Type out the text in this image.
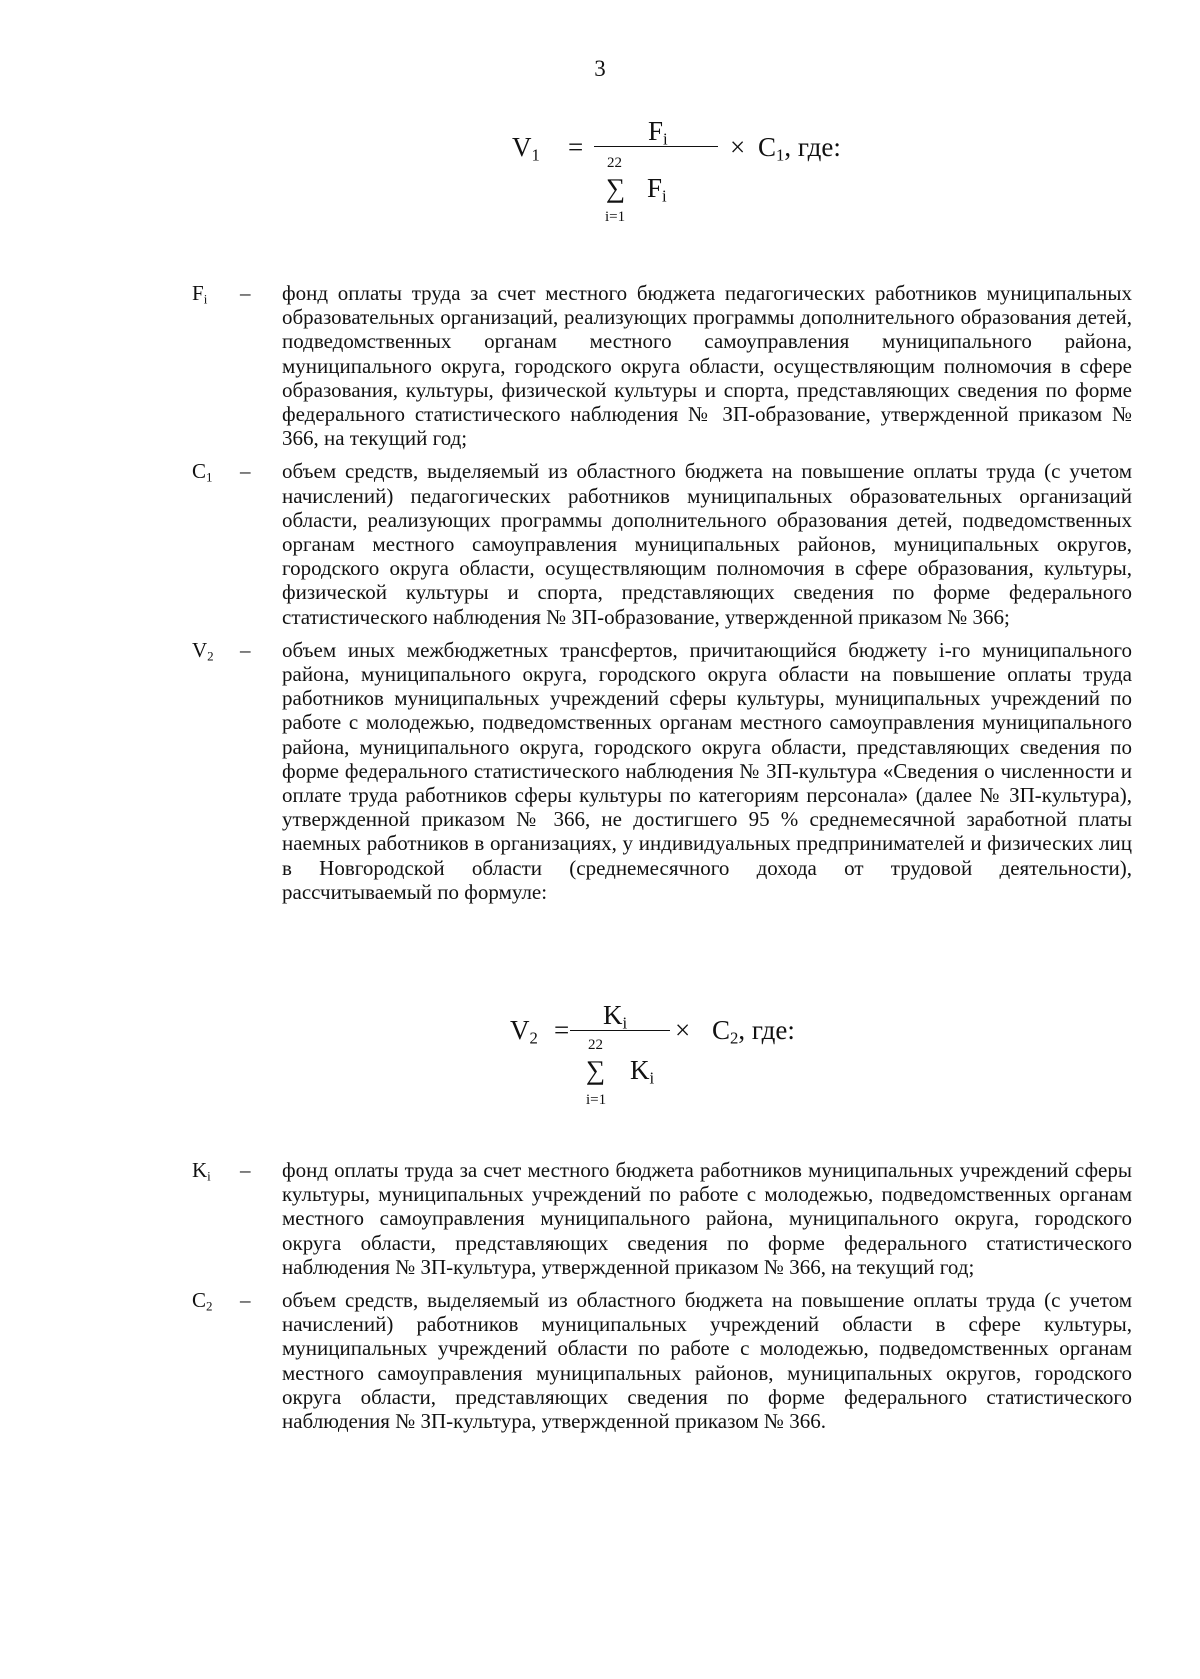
3
$V_1$ =
$F_i \times C_1$, где:
22
∑ $F_i$
i=1
$F_i$	–	фонд оплаты труда за счет местного бюджета педагогических работников муниципальных образовательных организаций, реализующих программы дополнительного образования детей, подведомственных органам местного самоуправления муниципального района, муниципального округа, городского округа области, осуществляющим полномочия в сфере образования, культуры, физической культуры и спорта, представляющих сведения по форме федерального статистического наблюдения № ЗП-образование, утвержденной приказом № 366, на текущий год;
$C_1$	–	объем средств, выделяемый из областного бюджета на повышение оплаты труда (с учетом начислений) педагогических работников муниципальных образовательных организаций области, реализующих программы дополнительного образования детей, подведомственных органам местного самоуправления муниципальных районов, муниципальных округов, городского округа области, осуществляющим полномочия в сфере образования, культуры, физической культуры и спорта, представляющих сведения по форме федерального статистического наблюдения № ЗП-образование, утвержденной приказом № 366;
$V_2$	–	объем иных межбюджетных трансфертов, причитающийся бюджету i-го муниципального района, муниципального округа, городского округа области на повышение оплаты труда работников муниципальных учреждений сферы культуры, муниципальных учреждений по работе с молодежью, подведомственных органам местного самоуправления муниципального района, муниципального округа, городского округа области, представляющих сведения по форме федерального статистического наблюдения № ЗП-культура «Сведения о численности и оплате труда работников сферы культуры по категориям персонала» (далее № ЗП-культура), утвержденной приказом № 366, не достигшего 95 % среднемесячной заработной платы наемных работников в организациях, у индивидуальных предпринимателей и физических лиц в Новгородской области (среднемесячного дохода от трудовой деятельности), рассчитываемый по формуле:
$V_2 = K_i \times C_2$, где:
22
∑ $K_i$
i=1
$K_i$	–	фонд оплаты труда за счет местного бюджета работников муниципальных учреждений сферы культуры, муниципальных учреждений по работе с молодежью, подведомственных органам местного самоуправления муниципального района, муниципального округа, городского округа области, представляющих сведения по форме федерального статистического наблюдения № ЗП-культура, утвержденной приказом № 366, на текущий год;
$C_2$	–	объем средств, выделяемый из областного бюджета на повышение оплаты труда (с учетом начислений) работников муниципальных учреждений области в сфере культуры, муниципальных учреждений области по работе с молодежью, подведомственных органам местного самоуправления муниципальных районов, муниципальных округов, городского округа области, представляющих сведения по форме федерального статистического наблюдения № ЗП-культура, утвержденной приказом № 366.
